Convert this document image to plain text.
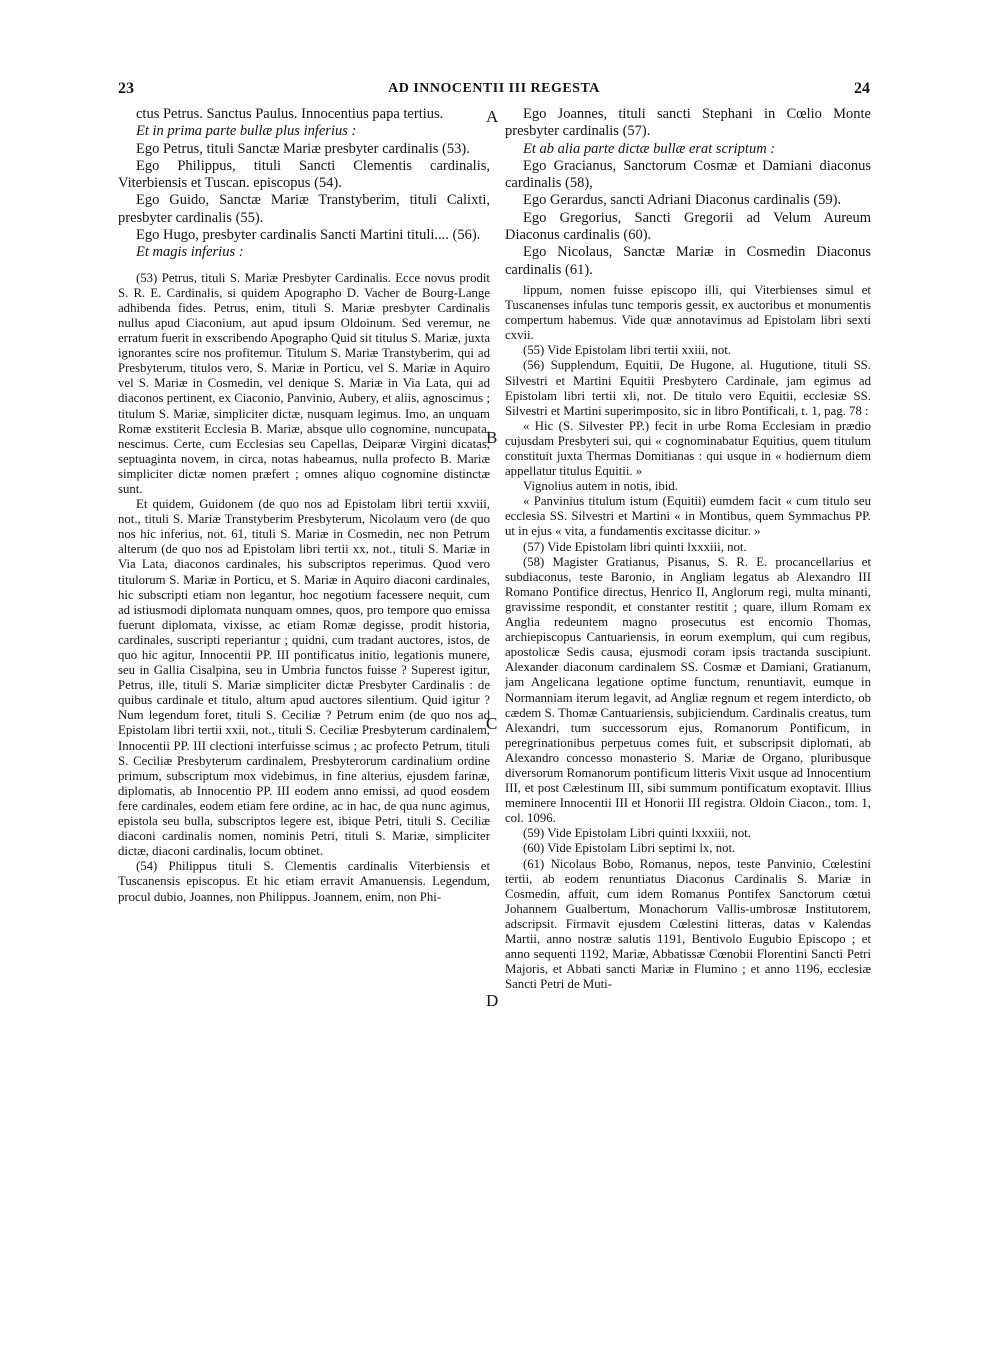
23	AD INNOCENTII III REGESTA	24
A
B
C
D

ctus Petrus. Sanctus Paulus. Innocentius papa tertius.

Et in prima parte bullæ plus inferius :

Ego Petrus, tituli Sanctæ Mariæ presbyter cardinalis (53).

Ego Philippus, tituli Sancti Clementis cardinalis, Viterbiensis et Tuscan. episcopus (54).

Ego Guido, Sanctæ Mariæ Transtyberim, tituli Calixti, presbyter cardinalis (55).

Ego Hugo, presbyter cardinalis Sancti Martini tituli.... (56).

Et magis inferius :

(53) Petrus, tituli S. Mariæ Presbyter Cardinalis. Ecce novus prodit S. R. E. Cardinalis, si quidem Apographo D. Vacher de Bourg-Lange adhibenda fides. Petrus, enim, tituli S. Mariæ presbyter Cardinalis nullus apud Ciaconium, aut apud ipsum Oldoinum. Sed veremur, ne erratum fuerit in exscribendo Apographo Quid sit titulus S. Mariæ, juxta ignorantes scire nos profitemur. Titulum S. Mariæ Transtyberim, qui ad Presbyterum, titulos vero, S. Mariæ in Porticu, vel S. Mariæ in Aquiro vel S. Mariæ in Cosmedin, vel denique S. Mariæ in Via Lata, qui ad diaconos pertinent, ex Ciaconio, Panvinio, Aubery, et aliis, agnoscimus ; titulum S. Mariæ, simpliciter dictæ, nusquam legimus. Imo, an unquam Romæ exstiterit Ecclesia B. Mariæ, absque ullo cognomine, nuncupata, nescimus. Certe, cum Ecclesias seu Capellas, Deiparæ Virgini dicatas, septuaginta novem, in circa, notas habeamus, nulla profecto B. Mariæ simpliciter dictæ nomen præfert ; omnes aliquo cognomine distinctæ sunt.

Et quidem, Guidonem (de quo nos ad Epistolam libri tertii xxviii, not., tituli S. Mariæ Transtyberim Presbyterum, Nicolaum vero (de quo nos hic inferius, not. 61, tituli S. Mariæ in Cosmedin, nec non Petrum alterum (de quo nos ad Epistolam libri tertii xx, not., tituli S. Mariæ in Via Lata, diaconos cardinales, his subscriptos reperimus. Quod vero titulorum S. Mariæ in Porticu, et S. Mariæ in Aquiro diaconi cardinales, hic subscripti etiam non legantur, hoc negotium facessere nequit, cum ad istiusmodi diplomata nunquam omnes, quos, pro tempore quo emissa fuerunt diplomata, vixisse, ac etiam Romæ degisse, prodit historia, cardinales, suscripti reperiantur ; quidni, cum tradant auctores, istos, de quo hic agitur, Innocentii PP. III pontificatus initio, legationis munere, seu in Gallia Cisalpina, seu in Umbria functos fuisse ? Superest igitur, Petrus, ille, tituli S. Mariæ simpliciter dictæ Presbyter Cardinalis : de quibus cardinale et titulo, altum apud auctores silentium. Quid igitur ? Num legendum foret, tituli S. Ceciliæ ? Petrum enim (de quo nos ad Epistolam libri tertii xxii, not., tituli S. Ceciliæ Presbyterum cardinalem, Innocentii PP. III clectioni interfuisse scimus ; ac profecto Petrum, tituli S. Ceciliæ Presbyterum cardinalem, Presbyterorum cardinalium ordine primum, subscriptum mox videbimus, in fine alterius, ejusdem farinæ, diplomatis, ab Innocentio PP. III eodem anno emissi, ad quod eosdem fere cardinales, eodem etiam fere ordine, ac in hac, de qua nunc agimus, epistola seu bulla, subscriptos legere est, ibique Petri, tituli S. Ceciliæ diaconi cardinalis nomen, nominis Petri, tituli S. Mariæ, simpliciter dictæ, diaconi cardinalis, locum obtinet.

(54) Philippus tituli S. Clementis cardinalis Viterbiensis et Tuscanensis episcopus. Et hic etiam erravit Amanuensis. Legendum, procul dubio, Joannes, non Philippus. Joannem, enim, non Phi-

Ego Joannes, tituli sancti Stephani in Cœlio Monte presbyter cardinalis (57).

Et ab alia parte dictæ bullæ erat scriptum :

Ego Gracianus, Sanctorum Cosmæ et Damiani diaconus cardinalis (58),

Ego Gerardus, sancti Adriani Diaconus cardinalis (59).

Ego Gregorius, Sancti Gregorii ad Velum Aureum Diaconus cardinalis (60).

Ego Nicolaus, Sanctæ Mariæ in Cosmedin Diaconus cardinalis (61).

lippum, nomen fuisse episcopo illi, qui Viterbienses simul et Tuscanenses infulas tunc temporis gessit, ex auctoribus et monumentis compertum habemus. Vide quæ annotavimus ad Epistolam libri sexti cxvii.

(55) Vide Epistolam libri tertii xxiii, not.

(56) Supplendum, Equitii, De Hugone, al. Hugutione, tituli SS. Silvestri et Martini Equitii Presbytero Cardinale, jam egimus ad Epistolam libri tertii xli, not. De titulo vero Equitii, ecclesiæ SS. Silvestri et Martini superimposito, sic in libro Pontificali, t. 1, pag. 78 :

« Hic (S. Silvester PP.) fecit in urbe Roma Ecclesiam in prædio cujusdam Presbyteri sui, qui « cognominabatur Equitius, quem titulum constituit juxta Thermas Domitianas : qui usque in « hodiernum diem appellatur titulus Equitii. »

Vignolius autem in notis, ibid.

« Panvinius titulum istum (Equitii) eumdem facit « cum titulo seu ecclesia SS. Silvestri et Martini « in Montibus, quem Symmachus PP. ut in ejus « vita, a fundamentis excitasse dicitur. »

(57) Vide Epistolam libri quinti lxxxiii, not.

(58) Magister Gratianus, Pisanus, S. R. E. procancellarius et subdiaconus, teste Baronio, in Angliam legatus ab Alexandro III Romano Pontifice directus, Henrico II, Anglorum regi, multa minanti, gravissime respondit, et constanter restitit ; quare, illum Romam ex Anglia redeuntem magno prosecutus est encomio Thomas, archiepiscopus Cantuariensis, in eorum exemplum, qui cum regibus, apostolicæ Sedis causa, ejusmodi coram ipsis tractanda suscipiunt. Alexander diaconum cardinalem SS. Cosmæ et Damiani, Gratianum, jam Angelicana legatione optime functum, renuntiavit, eumque in Normanniam iterum legavit, ad Angliæ regnum et regem interdicto, ob cædem S. Thomæ Cantuariensis, subjiciendum. Cardinalis creatus, tum Alexandri, tum successorum ejus, Romanorum Pontificum, in peregrinationibus perpetuus comes fuit, et subscripsit diplomati, ab Alexandro concesso monasterio S. Mariæ de Organo, pluribusque diversorum Romanorum pontificum litteris Vixit usque ad Innocentium III, et post Cælestinum III, sibi summum pontificatum exoptavit. Illius meminere Innocentii III et Honorii III registra. Oldoin Ciacon., tom. 1, col. 1096.

(59) Vide Epistolam Libri quinti lxxxiii, not.

(60) Vide Epistolam Libri septimi lx, not.

(61) Nicolaus Bobo, Romanus, nepos, teste Panvinio, Cœlestini tertii, ab eodem renuntiatus Diaconus Cardinalis S. Mariæ in Cosmedin, affuit, cum idem Romanus Pontifex Sanctorum cœtui Johannem Gualbertum, Monachorum Vallis-umbrosæ Institutorem, adscripsit. Firmavit ejusdem Cœlestini litteras, datas v Kalendas Martii, anno nostræ salutis 1191, Bentivolo Eugubio Episcopo ; et anno sequenti 1192, Mariæ, Abbatissæ Cœnobii Florentini Sancti Petri Majoris, et Abbati sancti Mariæ in Flumino ; et anno 1196, ecclesiæ Sancti Petri de Muti-
